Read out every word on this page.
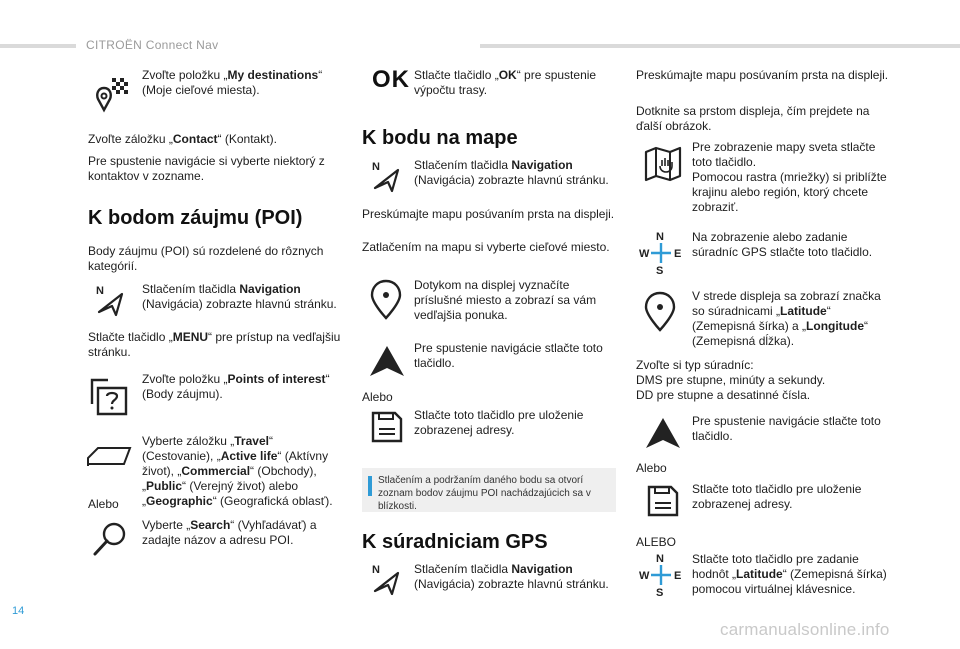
CITROËN Connect Nav
14

Zvoľte položku „My destinations“ (Moje cieľové miesta).

Zvoľte záložku „Contact“ (Kontakt).

Pre spustenie navigácie si vyberte niektorý z kontaktov v zozname.

K bodom záujmu (POI)

Body záujmu (POI) sú rozdelené do rôznych kategórií.

N	Stlačením tlačidla Navigation (Navigácia) zobrazte hlavnú stránku.

Stlačte tlačidlo „MENU“ pre prístup na vedľajšiu stránku.

Zvoľte položku „Points of interest“ (Body záujmu).

Vyberte záložku „Travel“ (Cestovanie), „Active life“ (Aktívny život), „Commercial“ (Obchody), „Public“ (Verejný život) alebo „Geographic“ (Geografická oblasť).

Alebo

Vyberte „Search“ (Vyhľadávať) a zadajte názov a adresu POI.

OK Stlačte tlačidlo „OK“ pre spustenie výpočtu trasy.

K bodu na mape
N	Stlačením tlačidla Navigation (Navigácia) zobrazte hlavnú stránku.

Preskúmajte mapu posúvaním prsta na displeji.

Zatlačením na mapu si vyberte cieľové miesto.

Dotykom na displej vyznačíte príslušné miesto a zobrazí sa vám vedľajšia ponuka.

Pre spustenie navigácie stlačte toto tlačidlo.

Alebo

Stlačte toto tlačidlo pre uloženie zobrazenej adresy.

Stlačením a podržaním daného bodu sa otvorí zoznam bodov záujmu POI nachádzajúcich sa v blízkosti.
K súradniciam GPS
N	Stlačením tlačidla Navigation (Navigácia) zobrazte hlavnú stránku.

Preskúmajte mapu posúvaním prsta na displeji.

Dotknite sa prstom displeja, čím prejdete na ďalší obrázok.

Pre zobrazenie mapy sveta stlačte toto tlačidlo.
Pomocou rastra (mriežky) si priblížte krajinu alebo región, ktorý chcete zobraziť.

N
S
W E

Na zobrazenie alebo zadanie súradníc GPS stlačte toto tlačidlo.

V strede displeja sa zobrazí značka so súradnicami „Latitude“ (Zemepisná šírka) a „Longitude“ (Zemepisná dĺžka).

Zvoľte si typ súradníc:
DMS pre stupne, minúty a sekundy.
DD pre stupne a desatinné čísla.

Pre spustenie navigácie stlačte toto tlačidlo.

Alebo

Stlačte toto tlačidlo pre uloženie zobrazenej adresy.

ALEBO

N
S
W E

Stlačte toto tlačidlo pre zadanie hodnôt „Latitude“ (Zemepisná šírka) pomocou virtuálnej klávesnice.

carmanualsonline.info
